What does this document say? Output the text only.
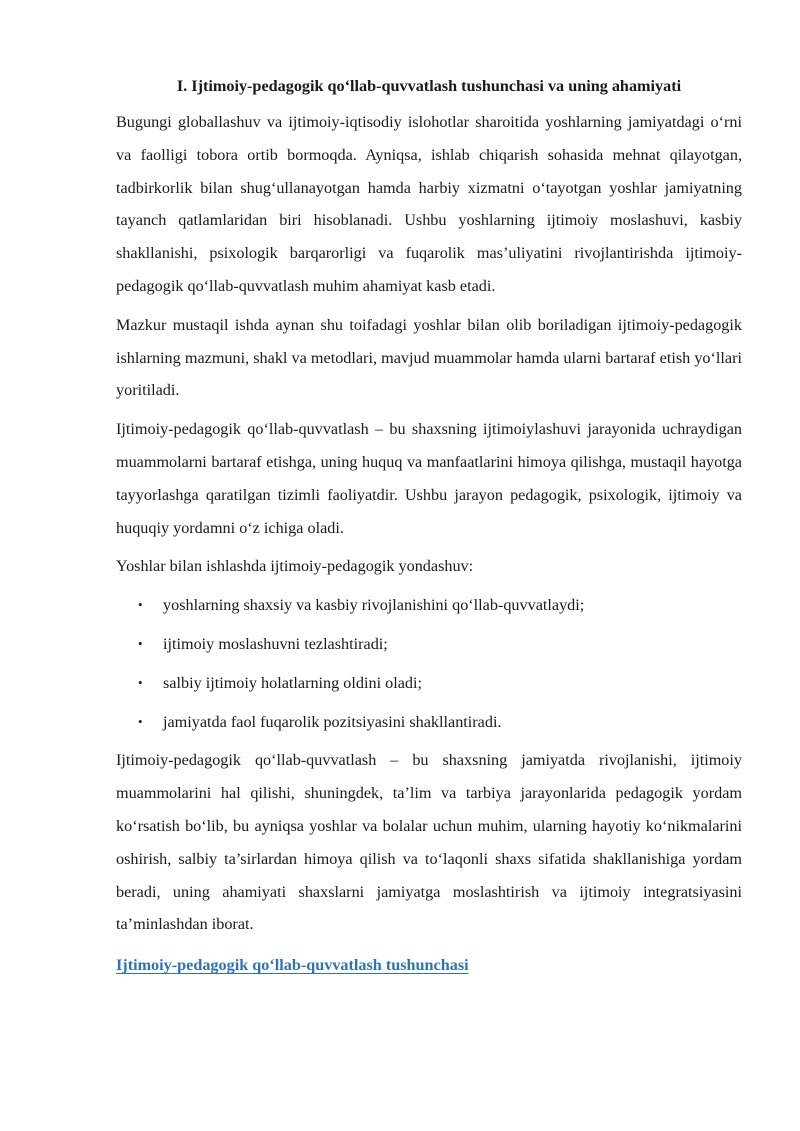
I. Ijtimoiy-pedagogik qo‘llab-quvvatlash tushunchasi va uning ahamiyati

Bugungi globallashuv va ijtimoiy-iqtisodiy islohotlar sharoitida yoshlarning jamiyatdagi o‘rni va faolligi tobora ortib bormoqda. Ayniqsa, ishlab chiqarish sohasida mehnat qilayotgan, tadbirkorlik bilan shug‘ullanayotgan hamda harbiy xizmatni o‘tayotgan yoshlar jamiyatning tayanch qatlamlaridan biri hisoblanadi. Ushbu yoshlarning ijtimoiy moslashuvi, kasbiy shakllanishi, psixologik barqarorligi va fuqarolik mas’uliyatini rivojlantirishda ijtimoiy-pedagogik qo‘llab-quvvatlash muhim ahamiyat kasb etadi.

Mazkur mustaqil ishda aynan shu toifadagi yoshlar bilan olib boriladigan ijtimoiy-pedagogik ishlarning mazmuni, shakl va metodlari, mavjud muammolar hamda ularni bartaraf etish yo‘llari yoritiladi.

Ijtimoiy-pedagogik qo‘llab-quvvatlash – bu shaxsning ijtimoiylashuvi jarayonida uchraydigan muammolarni bartaraf etishga, uning huquq va manfaatlarini himoya qilishga, mustaqil hayotga tayyorlashga qaratilgan tizimli faoliyatdir. Ushbu jarayon pedagogik, psixologik, ijtimoiy va huquqiy yordamni o‘z ichiga oladi.

Yoshlar bilan ishlashda ijtimoiy-pedagogik yondashuv:

• yoshlarning shaxsiy va kasbiy rivojlanishini qo‘llab-quvvatlaydi;
• ijtimoiy moslashuvni tezlashtiradi;
• salbiy ijtimoiy holatlarning oldini oladi;
• jamiyatda faol fuqarolik pozitsiyasini shakllantiradi.

Ijtimoiy-pedagogik qo‘llab-quvvatlash – bu shaxsning jamiyatda rivojlanishi, ijtimoiy muammolarini hal qilishi, shuningdek, ta’lim va tarbiya jarayonlarida pedagogik yordam ko‘rsatish bo‘lib, bu ayniqsa yoshlar va bolalar uchun muhim, ularning hayotiy ko‘nikmalarini oshirish, salbiy ta’sirlardan himoya qilish va to‘laqonli shaxs sifatida shakllanishiga yordam beradi, uning ahamiyati shaxslarni jamiyatga moslashtirish va ijtimoiy integratsiyasini ta’minlashdan iborat.

Ijtimoiy-pedagogik qo‘llab-quvvatlash tushunchasi
